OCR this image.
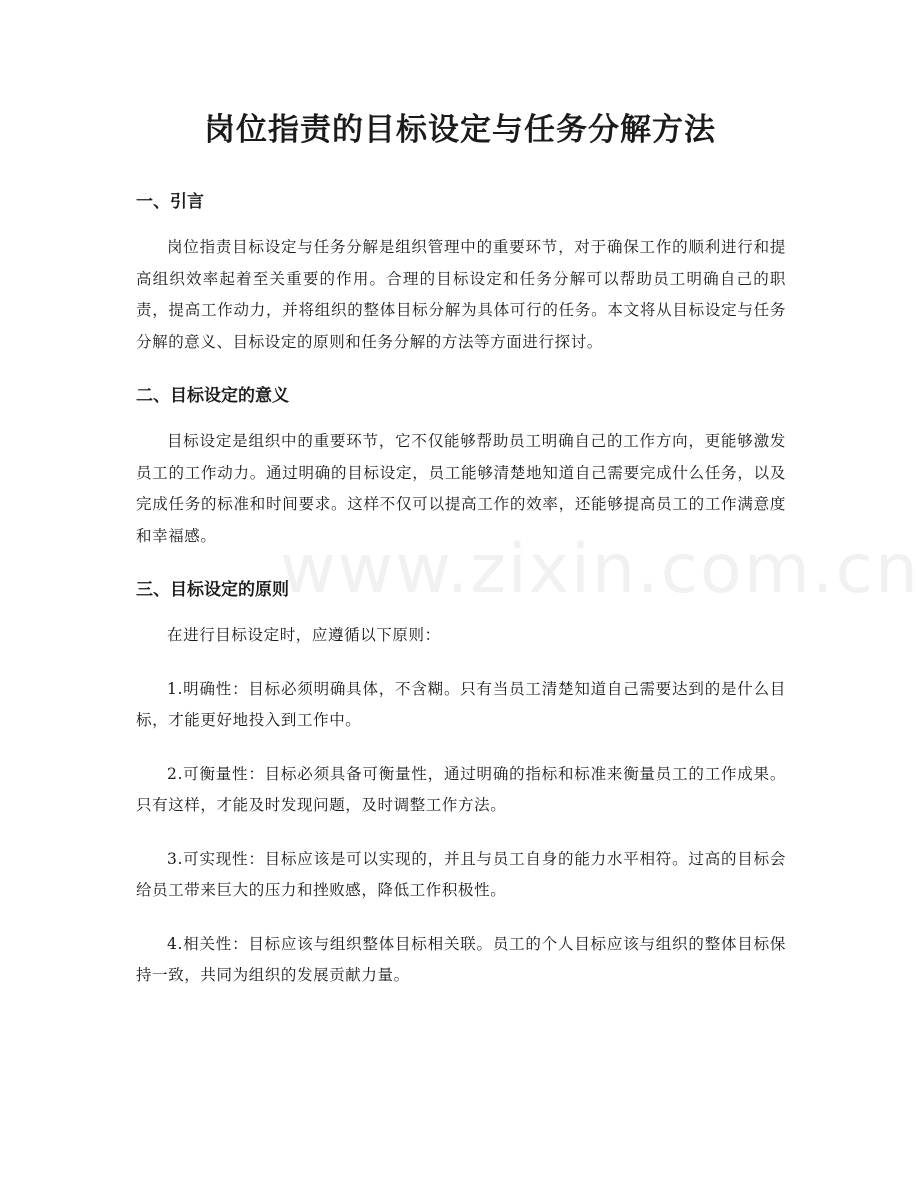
www.zixin.com.cn
岗位指责的目标设定与任务分解方法
一、引言

岗位指责目标设定与任务分解是组织管理中的重要环节，对于确保工作的顺利进行和提高组织效率起着至关重要的作用。合理的目标设定和任务分解可以帮助员工明确自己的职责，提高工作动力，并将组织的整体目标分解为具体可行的任务。本文将从目标设定与任务分解的意义、目标设定的原则和任务分解的方法等方面进行探讨。

二、目标设定的意义

目标设定是组织中的重要环节，它不仅能够帮助员工明确自己的工作方向，更能够激发员工的工作动力。通过明确的目标设定，员工能够清楚地知道自己需要完成什么任务，以及完成任务的标准和时间要求。这样不仅可以提高工作的效率，还能够提高员工的工作满意度和幸福感。

三、目标设定的原则

在进行目标设定时，应遵循以下原则：

1.明确性：目标必须明确具体，不含糊。只有当员工清楚知道自己需要达到的是什么目标，才能更好地投入到工作中。

2.可衡量性：目标必须具备可衡量性，通过明确的指标和标准来衡量员工的工作成果。只有这样，才能及时发现问题，及时调整工作方法。

3.可实现性：目标应该是可以实现的，并且与员工自身的能力水平相符。过高的目标会给员工带来巨大的压力和挫败感，降低工作积极性。

4.相关性：目标应该与组织整体目标相关联。员工的个人目标应该与组织的整体目标保持一致，共同为组织的发展贡献力量。
